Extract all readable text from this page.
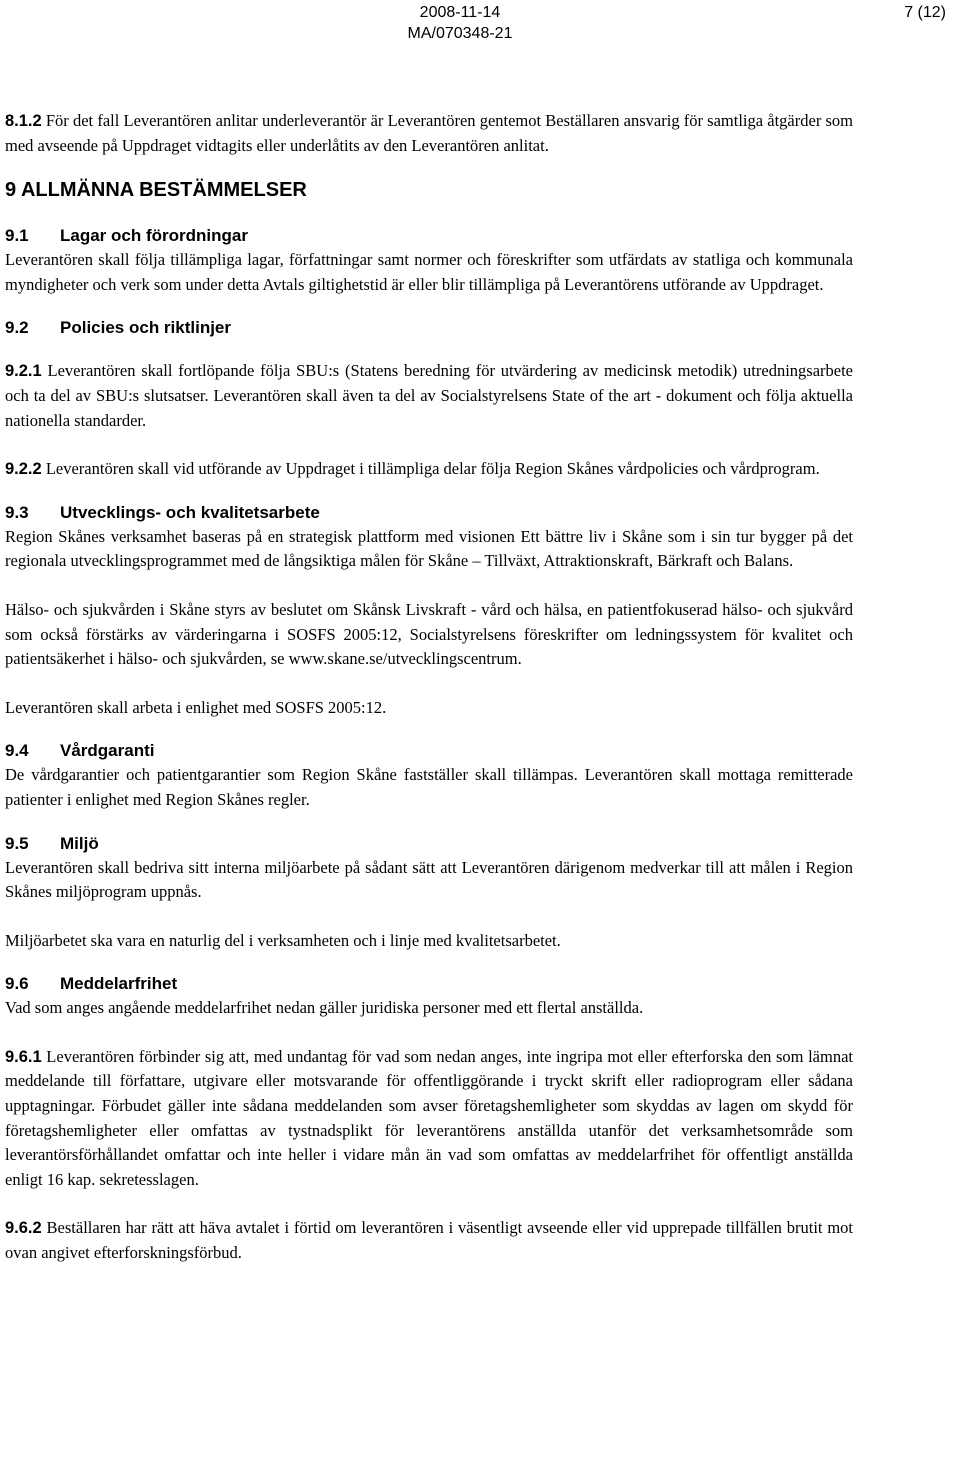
2008-11-14
MA/070348-21
7 (12)

8.1.2 För det fall Leverantören anlitar underleverantör är Leverantören gentemot Beställaren ansvarig för samtliga åtgärder som med avseende på Uppdraget vidtagits eller underlåtits av den Leverantören anlitat.

9 ALLMÄNNA BESTÄMMELSER
9.1 Lagar och förordningar

Leverantören skall följa tillämpliga lagar, författningar samt normer och föreskrifter som utfärdats av statliga och kommunala myndigheter och verk som under detta Avtals giltighetstid är eller blir tillämpliga på Leverantörens utförande av Uppdraget.

9.2 Policies och riktlinjer

9.2.1 Leverantören skall fortlöpande följa SBU:s (Statens beredning för utvärdering av medicinsk metodik) utredningsarbete och ta del av SBU:s slutsatser. Leverantören skall även ta del av Socialstyrelsens State of the art - dokument och följa aktuella nationella standarder.

9.2.2 Leverantören skall vid utförande av Uppdraget i tillämpliga delar följa Region Skånes vårdpolicies och vårdprogram.

9.3 Utvecklings- och kvalitetsarbete

Region Skånes verksamhet baseras på en strategisk plattform med visionen Ett bättre liv i Skåne som i sin tur bygger på det regionala utvecklingsprogrammet med de långsiktiga målen för Skåne – Tillväxt, Attraktionskraft, Bärkraft och Balans.

Hälso- och sjukvården i Skåne styrs av beslutet om Skånsk Livskraft - vård och hälsa, en patientfokuserad hälso- och sjukvård som också förstärks av värderingarna i SOSFS 2005:12, Socialstyrelsens föreskrifter om ledningssystem för kvalitet och patientsäkerhet i hälso- och sjukvården, se www.skane.se/utvecklingscentrum.

Leverantören skall arbeta i enlighet med SOSFS 2005:12.

9.4 Vårdgaranti

De vårdgarantier och patientgarantier som Region Skåne fastställer skall tillämpas. Leverantören skall mottaga remitterade patienter i enlighet med Region Skånes regler.

9.5 Miljö

Leverantören skall bedriva sitt interna miljöarbete på sådant sätt att Leverantören därigenom medverkar till att målen i Region Skånes miljöprogram uppnås.

Miljöarbetet ska vara en naturlig del i verksamheten och i linje med kvalitetsarbetet.

9.6 Meddelarfrihet

Vad som anges angående meddelarfrihet nedan gäller juridiska personer med ett flertal anställda.

9.6.1 Leverantören förbinder sig att, med undantag för vad som nedan anges, inte ingripa mot eller efterforska den som lämnat meddelande till författare, utgivare eller motsvarande för offentliggörande i tryckt skrift eller radioprogram eller sådana upptagningar. Förbudet gäller inte sådana meddelanden som avser företagshemligheter som skyddas av lagen om skydd för företagshemligheter eller omfattas av tystnadsplikt för leverantörens anställda utanför det verksamhetsområde som leverantörsförhållandet omfattar och inte heller i vidare mån än vad som omfattas av meddelarfrihet för offentligt anställda enligt 16 kap. sekretesslagen.

9.6.2 Beställaren har rätt att häva avtalet i förtid om leverantören i väsentligt avseende eller vid upprepade tillfällen brutit mot ovan angivet efterforskningsförbud.
